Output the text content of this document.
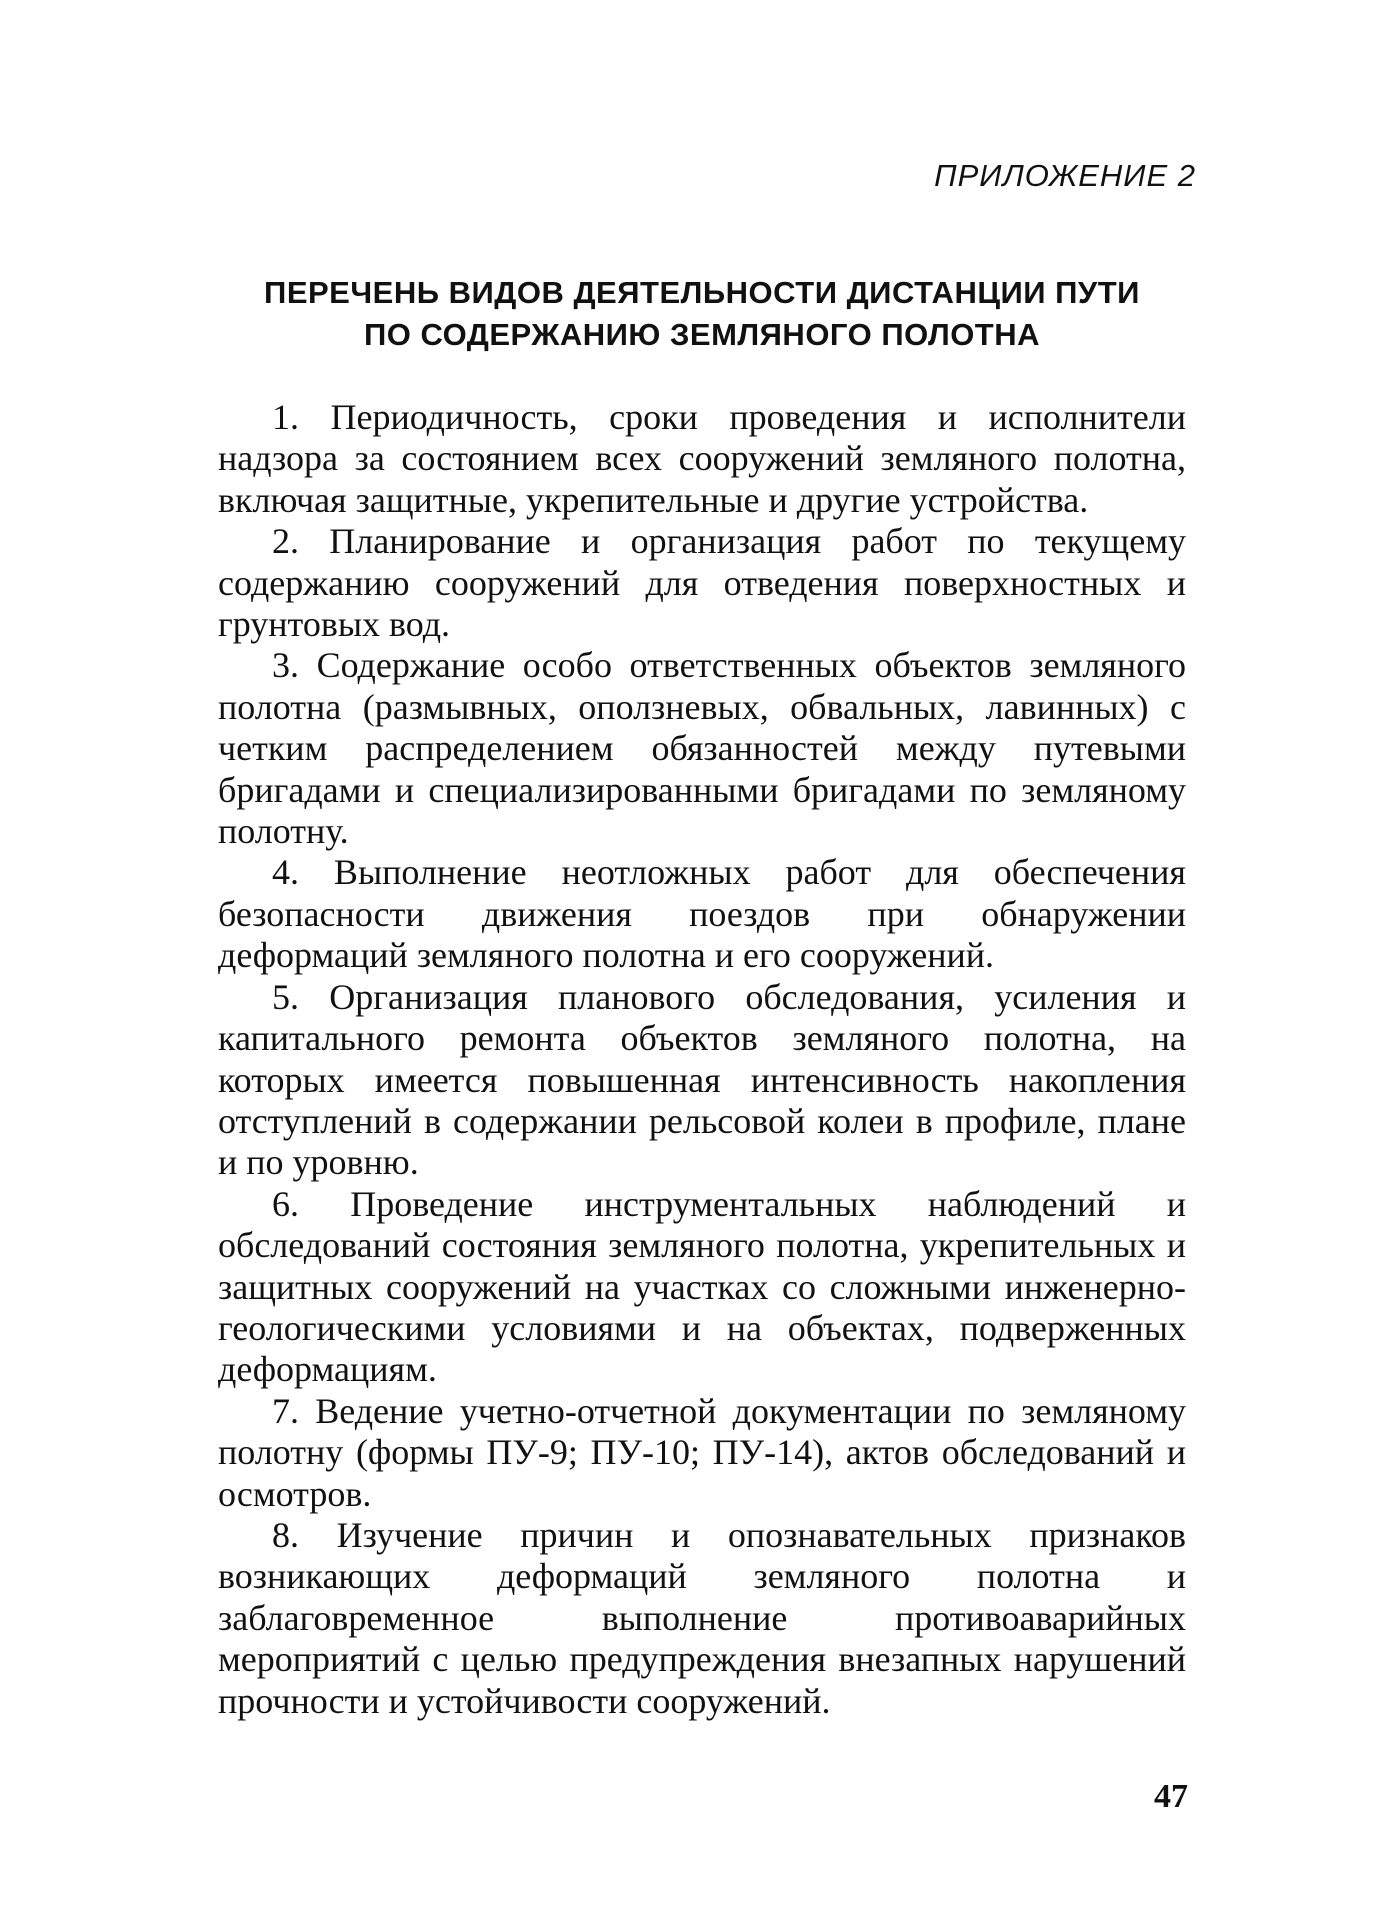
ПРИЛОЖЕНИЕ 2

ПЕРЕЧЕНЬ ВИДОВ ДЕЯТЕЛЬНОСТИ ДИСТАНЦИИ ПУТИ
ПО СОДЕРЖАНИЮ ЗЕМЛЯНОГО ПОЛОТНА
1. Периодичность, сроки проведения и исполнители надзора за состоянием всех сооружений земляного полотна, включая защитные, укрепительные и другие устройства.
2. Планирование и организация работ по текущему содержанию сооружений для отведения поверхностных и грунтовых вод.
3. Содержание особо ответственных объектов земляного полотна (размывных, оползневых, обвальных, лавинных) с четким распределением обязанностей между путевыми бригадами и специализированными бригадами по земляному полотну.
4. Выполнение неотложных работ для обеспечения безопасности движения поездов при обнаружении деформаций земляного полотна и его сооружений.
5. Организация планового обследования, усиления и капитального ремонта объектов земляного полотна, на которых имеется повышенная интенсивность накопления отступлений в содержании рельсовой колеи в профиле, плане и по уровню.
6. Проведение инструментальных наблюдений и обследований состояния земляного полотна, укрепительных и защитных сооружений на участках со сложными инженерно-геологическими условиями и на объектах, подверженных деформациям.
7. Ведение учетно-отчетной документации по земляному полотну (формы ПУ-9; ПУ-10; ПУ-14), актов обследований и осмотров.
8. Изучение причин и опознавательных признаков возникающих деформаций земляного полотна и заблаговременное выполнение противоаварийных мероприятий с целью предупреждения внезапных нарушений прочности и устойчивости сооружений.

47
